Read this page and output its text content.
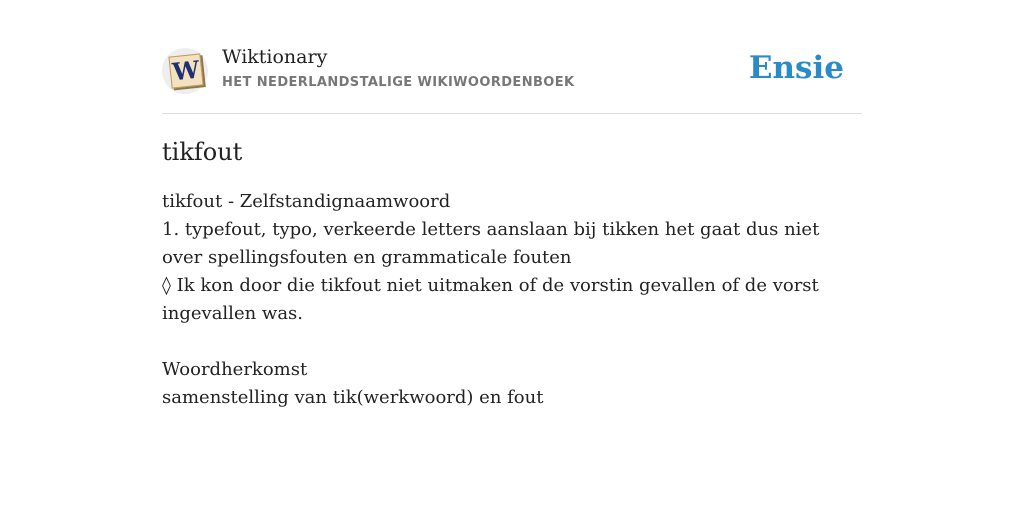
W Wiktionary
HET NEDERLANDSTALIGE WIKIWOORDENBOEK	Ensie
tikfout

tikfout - Zelfstandignaamwoord

1. typefout, typo, verkeerde letters aanslaan bij tikken het gaat dus niet over spellingsfouten en grammaticale fouten

◊ Ik kon door die tikfout niet uitmaken of de vorstin gevallen of de vorst ingevallen was.

Woordherkomst

samenstelling van tik(werkwoord) en fout
